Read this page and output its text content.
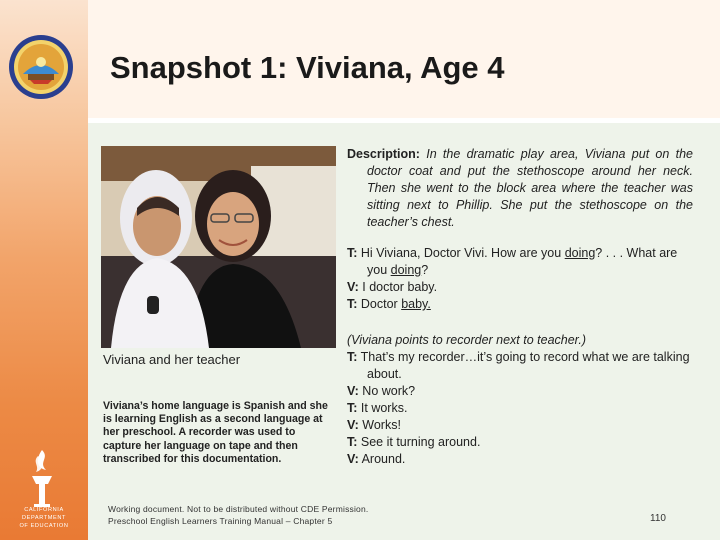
Snapshot 1: Viviana, Age 4
Viviana and her teacher
Viviana’s home language is Spanish and she is learning English as a second language at her preschool. A recorder was used to capture her language on tape and then transcribed for this documentation.

Description: In the dramatic play area, Viviana put on the doctor coat and put the stethoscope around her neck. Then she went to the block area where the teacher was sitting next to Phillip. She put the stethoscope on the teacher’s chest.

T: Hi Viviana, Doctor Vivi. How are you doing? . . . What are you doing?

V: I doctor baby.

T: Doctor baby.

(Viviana points to recorder next to teacher.)

T: That’s my recorder…it’s going to record what we are talking about.

V: No work?

T: It works.

V: Works!

T: See it turning around.

V: Around.

Working document. Not to be distributed without CDE Permission.
Preschool English Learners Training Manual – Chapter 5	110
CALIFORNIA DEPARTMENT
OF EDUCATION
